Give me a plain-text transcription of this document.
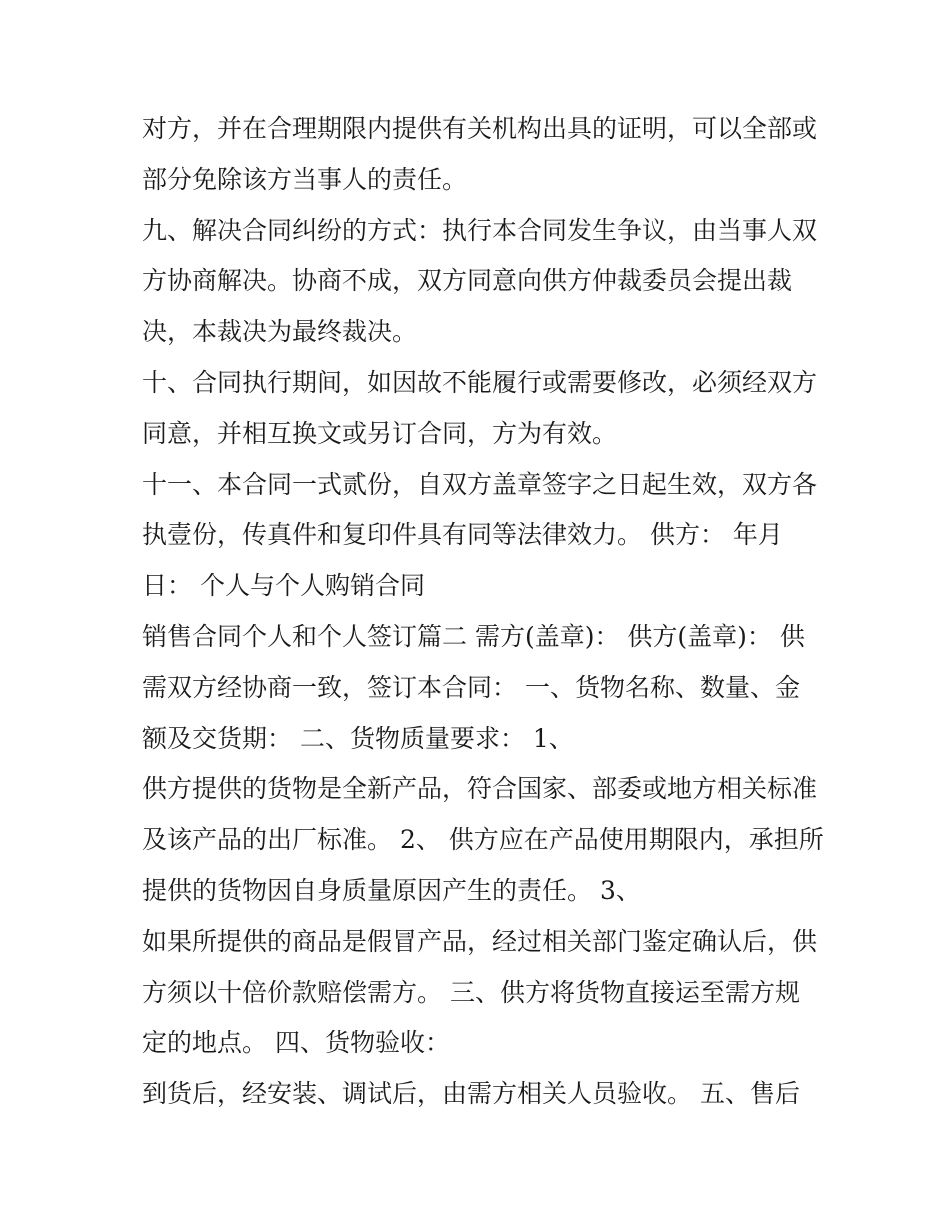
对方，并在合理期限内提供有关机构出具的证明，可以全部或
部分免除该方当事人的责任。
九、解决合同纠纷的方式：执行本合同发生争议，由当事人双
方协商解决。协商不成，双方同意向供方仲裁委员会提出裁
决，本裁决为最终裁决。
十、合同执行期间，如因故不能履行或需要修改，必须经双方
同意，并相互换文或另订合同，方为有效。
十一、本合同一式贰份，自双方盖章签字之日起生效，双方各
执壹份，传真件和复印件具有同等法律效力。 供方： 年月
日： 个人与个人购销合同
销售合同个人和个人签订篇二 需方(盖章)： 供方(盖章)： 供
需双方经协商一致，签订本合同： 一、货物名称、数量、金
额及交货期： 二、货物质量要求： 1、
供方提供的货物是全新产品，符合国家、部委或地方相关标准
及该产品的出厂标准。 2、 供方应在产品使用期限内，承担所
提供的货物因自身质量原因产生的责任。 3、
如果所提供的商品是假冒产品，经过相关部门鉴定确认后，供
方须以十倍价款赔偿需方。 三、供方将货物直接运至需方规
定的地点。 四、货物验收：
到货后，经安装、调试后，由需方相关人员验收。 五、售后
